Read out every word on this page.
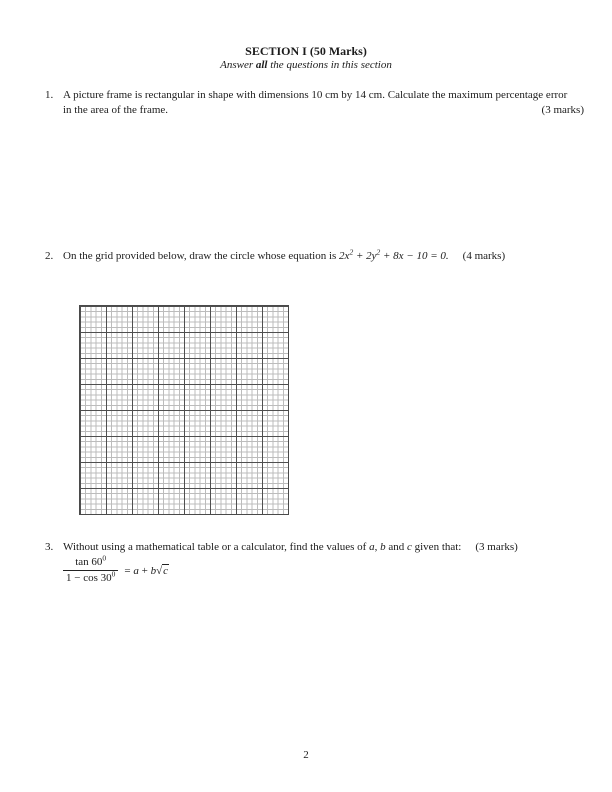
SECTION I (50 Marks)
Answer all the questions in this section
1. A picture frame is rectangular in shape with dimensions 10 cm by 14 cm. Calculate the maximum percentage error in the area of the frame.	(3 marks)
2. On the grid provided below, draw the circle whose equation is $2x^2 + 2y^2 + 8x - 10 = 0$. (4 marks)
3. Without using a mathematical table or a calculator, find the values of a, b and c given that: (3 marks)
$\frac{\tan 60^0}{1 - \cos 30^0} = a + b√c$
2
